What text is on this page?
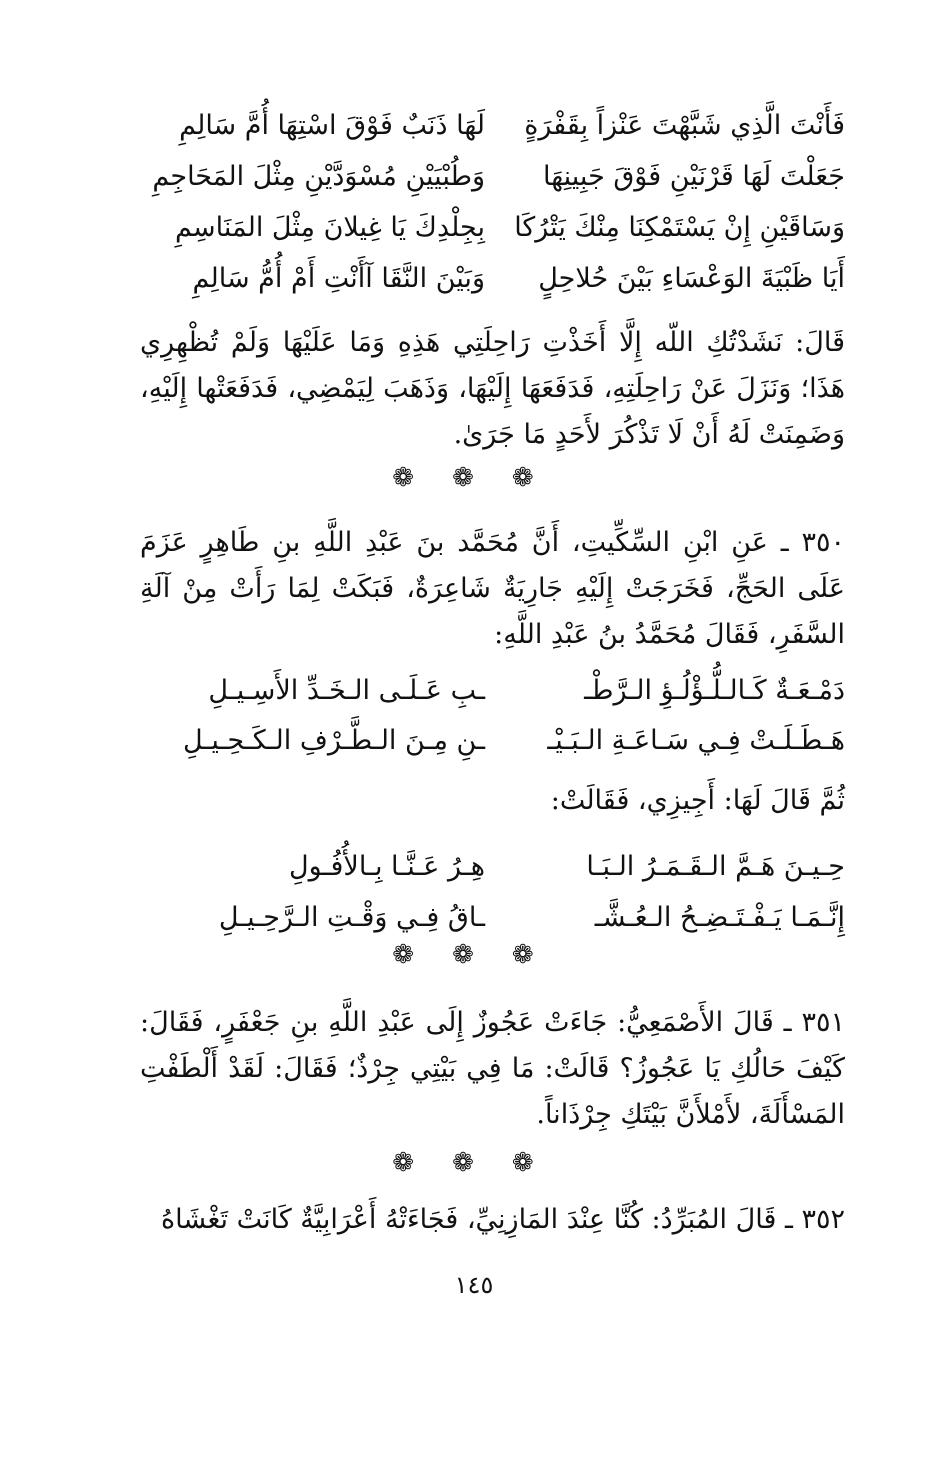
فَأَنْتَ الَّذِي شَبَّهْتَ عَنْزاً بِقَفْرَةٍ
لَهَا ذَنَبٌ فَوْقَ اسْتِهَا أُمَّ سَالِمِ
جَعَلْتَ لَهَا قَرْنَيْنِ فَوْقَ جَبِينِهَا
وَطُبْيَيْنِ مُسْوَدَّيْنِ مِثْلَ المَحَاجِمِ
وَسَاقَيْنِ إِنْ يَسْتَمْكِنَا مِنْكَ يَتْرُكَا
بِجِلْدِكَ يَا غِيلانَ مِثْلَ المَنَاسِمِ
أَيَا ظَبْيَةَ الوَعْسَاءِ بَيْنَ حُلاحِلٍ
وَبَيْنَ النَّقَا آأَنْتِ أَمْ أُمُّ سَالِمِ
قَالَ: نَشَدْتُكِ اللّه إِلَّا أَخَذْتِ رَاحِلَتِي هَذِهِ وَمَا عَلَيْهَا وَلَمْ تُظْهِرِي هَذَا؛ وَنَزَلَ عَنْ رَاحِلَتِهِ، فَدَفَعَهَا إِلَيْهَا، وَذَهَبَ لِيَمْضِي، فَدَفَعَتْها إِلَيْهِ، وَضَمِنَتْ لَهُ أَنْ لَا تَذْكُرَ لأَحَدٍ مَا جَرَىٰ.
❁ ❁ ❁
٣٥٠ ـ عَنِ ابْنِ السِّكِّيتِ، أَنَّ مُحَمَّد بنَ عَبْدِ اللَّهِ بنِ طَاهِرٍ عَزَمَ عَلَى الحَجِّ، فَخَرَجَتْ إِلَيْهِ جَارِيَةٌ شَاعِرَةٌ، فَبَكَتْ لِمَا رَأَتْ مِنْ آلَةِ السَّفَرِ، فَقَالَ مُحَمَّدُ بنُ عَبْدِ اللَّهِ:
دَمْـعَـةٌ كَـالـلُّـؤْلُـؤِ الـرَّطْـ
ـبِ عَـلَـى الـخَـدِّ الأَسِـيـلِ
هَـطَـلَـتْ فِـي سَـاعَـةِ الـبَـيْـ
ـنِ مِـنَ الـطَّـرْفِ الـكَـحِـيـلِ
ثُمَّ قَالَ لَهَا: أَجِيزِي، فَقَالَتْ:
حِـيـنَ هَـمَّ الـقَـمَـرُ الـبَـا
هِـرُ عَـنَّـا بِـالأُفُـولِ
إِنَّـمَـا يَـفْـتَـضِـحُ الـعُـشَّـ
ـاقُ فِـي وَقْـتِ الـرَّحِـيـلِ
❁ ❁ ❁
٣٥١ ـ قَالَ الأَصْمَعِيُّ: جَاءَتْ عَجُوزٌ إِلَى عَبْدِ اللَّهِ بنِ جَعْفَرٍ، فَقَالَ: كَيْفَ حَالُكِ يَا عَجُوزُ؟ قَالَتْ: مَا فِي بَيْتِي جِرْذٌ؛ فَقَالَ: لَقَدْ أَلْطَفْتِ المَسْأَلَةَ، لأَمْلأَنَّ بَيْتَكِ جِرْذَاناً.
❁ ❁ ❁
٣٥٢ ـ قَالَ المُبَرِّدُ: كُنَّا عِنْدَ المَازِنِيِّ، فَجَاءَتْهُ أَعْرَابِيَّةٌ كَانَتْ تَغْشَاهُ
١٤٥
